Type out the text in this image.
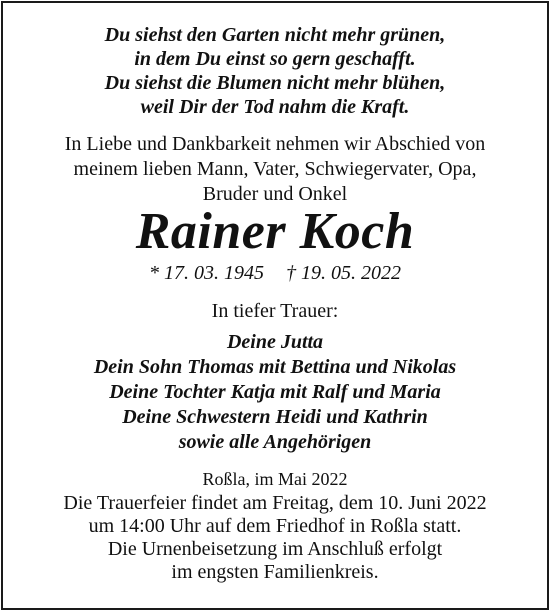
Du siehst den Garten nicht mehr grünen,
in dem Du einst so gern geschafft.
Du siehst die Blumen nicht mehr blühen,
weil Dir der Tod nahm die Kraft.
In Liebe und Dankbarkeit nehmen wir Abschied von
meinem lieben Mann, Vater, Schwiegervater, Opa,
Bruder und Onkel
Rainer Koch
* 17. 03. 1945 † 19. 05. 2022
In tiefer Trauer:
Deine Jutta
Dein Sohn Thomas mit Bettina und Nikolas
Deine Tochter Katja mit Ralf und Maria
Deine Schwestern Heidi und Kathrin
sowie alle Angehörigen
Roßla, im Mai 2022
Die Trauerfeier findet am Freitag, dem 10. Juni 2022
um 14:00 Uhr auf dem Friedhof in Roßla statt.
Die Urnenbeisetzung im Anschluß erfolgt
im engsten Familienkreis.
